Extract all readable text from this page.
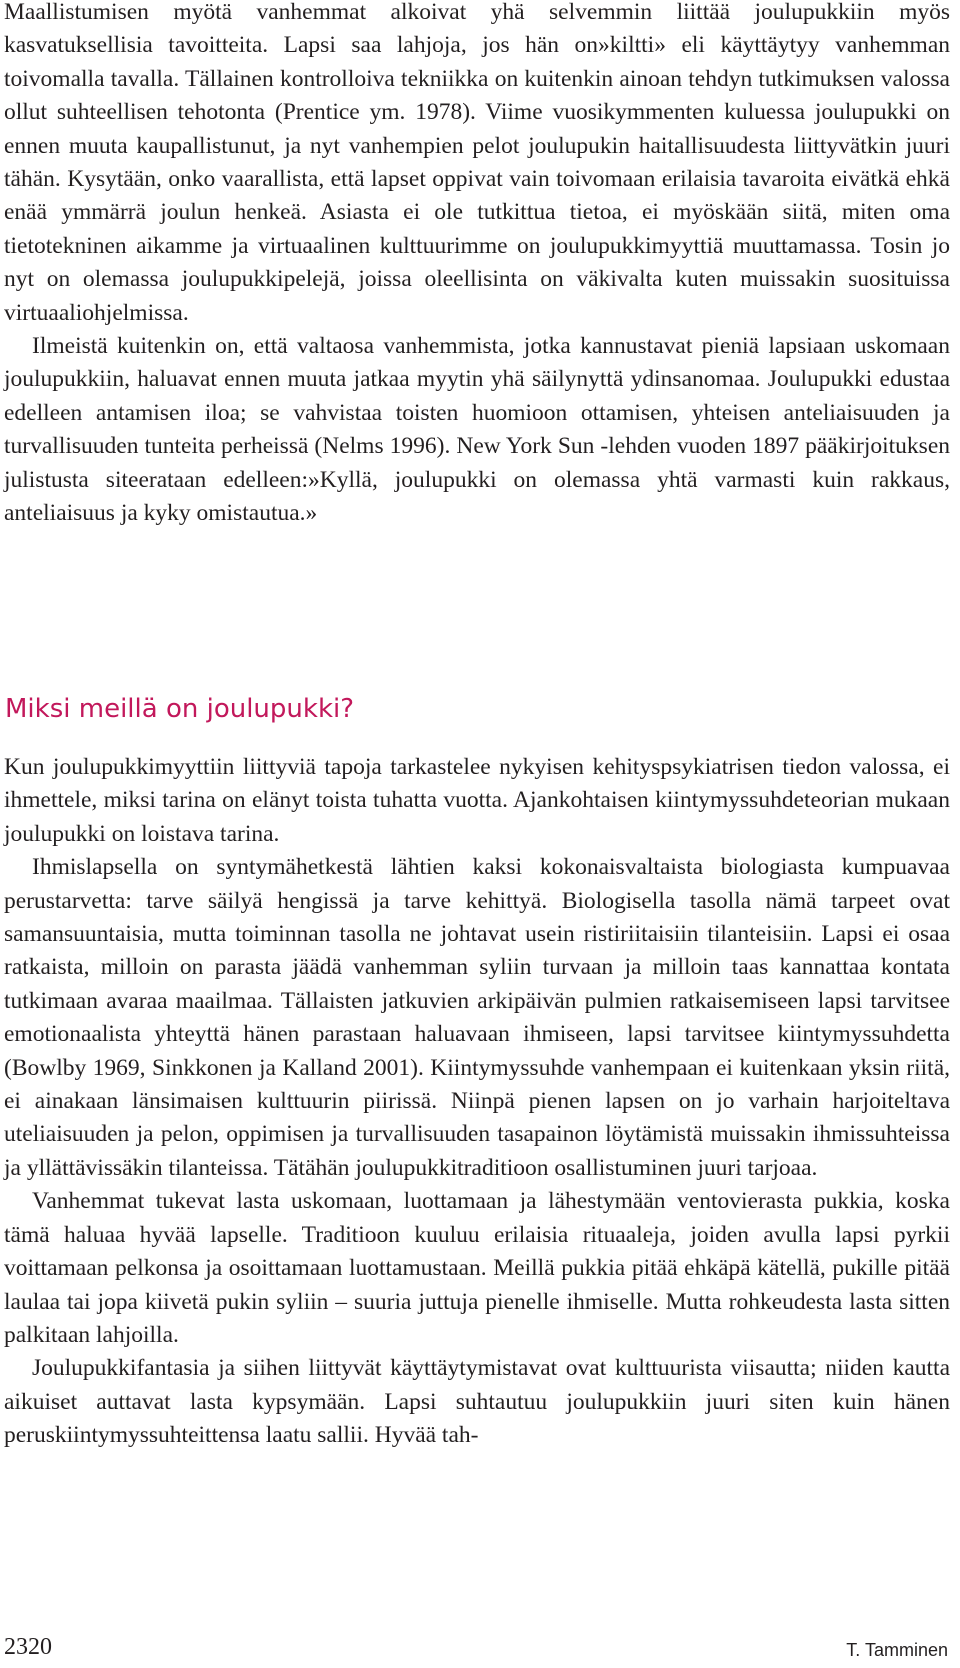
Maallistumisen myötä vanhemmat alkoivat yhä selvemmin liittää joulupukkiin myös kasvatuksellisia tavoitteita. Lapsi saa lahjoja, jos hän on»kiltti» eli käyttäytyy vanhemman toivomalla tavalla. Tällainen kontrolloiva tekniikka on kuitenkin ainoan tehdyn tutkimuksen valossa ollut suhteellisen tehotonta (Prentice ym. 1978). Viime vuosikymmenten kuluessa joulupukki on ennen muuta kaupallistunut, ja nyt vanhempien pelot joulupukin haitallisuudesta liittyvätkin juuri tähän. Kysytään, onko vaarallista, että lapset oppivat vain toivomaan erilaisia tavaroita eivätkä ehkä enää ymmärrä joulun henkeä. Asiasta ei ole tutkittua tietoa, ei myöskään siitä, miten oma tietotekninen aikamme ja virtuaalinen kulttuurimme on joulupukkimyyttiä muuttamassa. Tosin jo nyt on olemassa joulupukkipelejä, joissa oleellisinta on väkivalta kuten muissakin suosituissa virtuaaliohjelmissa.

Ilmeistä kuitenkin on, että valtaosa vanhemmista, jotka kannustavat pieniä lapsiaan uskomaan joulupukkiin, haluavat ennen muuta jatkaa myytin yhä säilynyttä ydinsanomaa. Joulupukki edustaa edelleen antamisen iloa; se vahvistaa toisten huomioon ottamisen, yhteisen anteliaisuuden ja turvallisuuden tunteita perheissä (Nelms 1996). New York Sun -lehden vuoden 1897 pääkirjoituksen julistusta siteerataan edelleen:»Kyllä, joulupukki on olemassa yhtä varmasti kuin rakkaus, anteliaisuus ja kyky omistautua.»

Miksi meillä on joulupukki?

Kun joulupukkimyyttiin liittyviä tapoja tarkastelee nykyisen kehityspsykiatrisen tiedon valossa, ei ihmettele, miksi tarina on elänyt toista tuhatta vuotta. Ajankohtaisen kiintymyssuhdeteorian mukaan joulupukki on loistava tarina.

Ihmislapsella on syntymähetkestä lähtien kaksi kokonaisvaltaista biologiasta kumpuavaa perustarvetta: tarve säilyä hengissä ja tarve kehittyä. Biologisella tasolla nämä tarpeet ovat samansuuntaisia, mutta toiminnan tasolla ne johtavat usein ristiriitaisiin tilanteisiin. Lapsi ei osaa ratkaista, milloin on parasta jäädä vanhemman syliin turvaan ja milloin taas kannattaa kontata tutkimaan avaraa maailmaa. Tällaisten jatkuvien arkipäivän pulmien ratkaisemiseen lapsi tarvitsee emotionaalista yhteyttä hänen parastaan haluavaan ihmiseen, lapsi tarvitsee kiintymyssuhdetta (Bowlby 1969, Sinkkonen ja Kalland 2001). Kiintymyssuhde vanhempaan ei kuitenkaan yksin riitä, ei ainakaan länsimaisen kulttuurin piirissä. Niinpä pienen lapsen on jo varhain harjoiteltava uteliaisuuden ja pelon, oppimisen ja turvallisuuden tasapainon löytämistä muissakin ihmissuhteissa ja yllättävissäkin tilanteissa. Tätähän joulupukkitraditioon osallistuminen juuri tarjoaa.

Vanhemmat tukevat lasta uskomaan, luottamaan ja lähestymään ventovierasta pukkia, koska tämä haluaa hyvää lapselle. Traditioon kuuluu erilaisia rituaaleja, joiden avulla lapsi pyrkii voittamaan pelkonsa ja osoittamaan luottamustaan. Meillä pukkia pitää ehkäpä kätellä, pukille pitää laulaa tai jopa kiivetä pukin syliin – suuria juttuja pienelle ihmiselle. Mutta rohkeudesta lasta sitten palkitaan lahjoilla.

Joulupukkifantasia ja siihen liittyvät käyttäytymistavat ovat kulttuurista viisautta; niiden kautta aikuiset auttavat lasta kypsymään. Lapsi suhtautuu joulupukkiin juuri siten kuin hänen peruskiintymyssuhteittensa laatu sallii. Hyvää tah-

2320	T. Tamminen
